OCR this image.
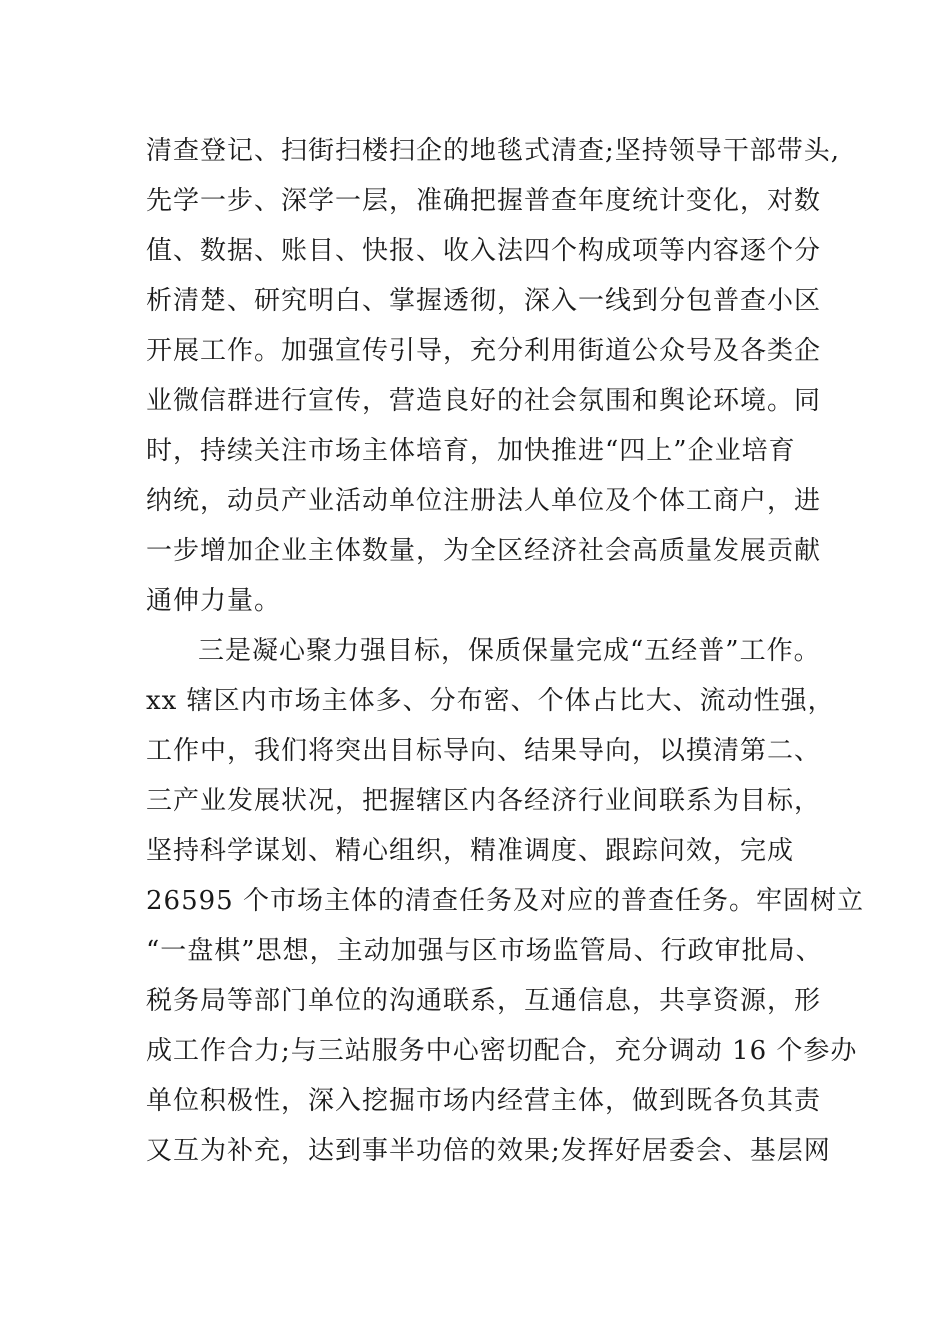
清查登记、扫街扫楼扫企的地毯式清查;坚持领导干部带头,
先学一步、深学一层，准确把握普查年度统计变化，对数
值、数据、账目、快报、收入法四个构成项等内容逐个分
析清楚、研究明白、掌握透彻，深入一线到分包普查小区
开展工作。加强宣传引导，充分利用街道公众号及各类企
业微信群进行宣传，营造良好的社会氛围和舆论环境。同
时，持续关注市场主体培育，加快推进“四上”企业培育
纳统，动员产业活动单位注册法人单位及个体工商户，进
一步增加企业主体数量，为全区经济社会高质量发展贡献
通伸力量。
三是凝心聚力强目标，保质保量完成“五经普”工作。
xx 辖区内市场主体多、分布密、个体占比大、流动性强，
工作中，我们将突出目标导向、结果导向，以摸清第二、
三产业发展状况，把握辖区内各经济行业间联系为目标，
坚持科学谋划、精心组织，精准调度、跟踪问效，完成
26595 个市场主体的清查任务及对应的普查任务。牢固树立
“一盘棋”思想，主动加强与区市场监管局、行政审批局、
税务局等部门单位的沟通联系，互通信息，共享资源，形
成工作合力;与三站服务中心密切配合，充分调动 16 个参办
单位积极性，深入挖掘市场内经营主体，做到既各负其责
又互为补充，达到事半功倍的效果;发挥好居委会、基层网
